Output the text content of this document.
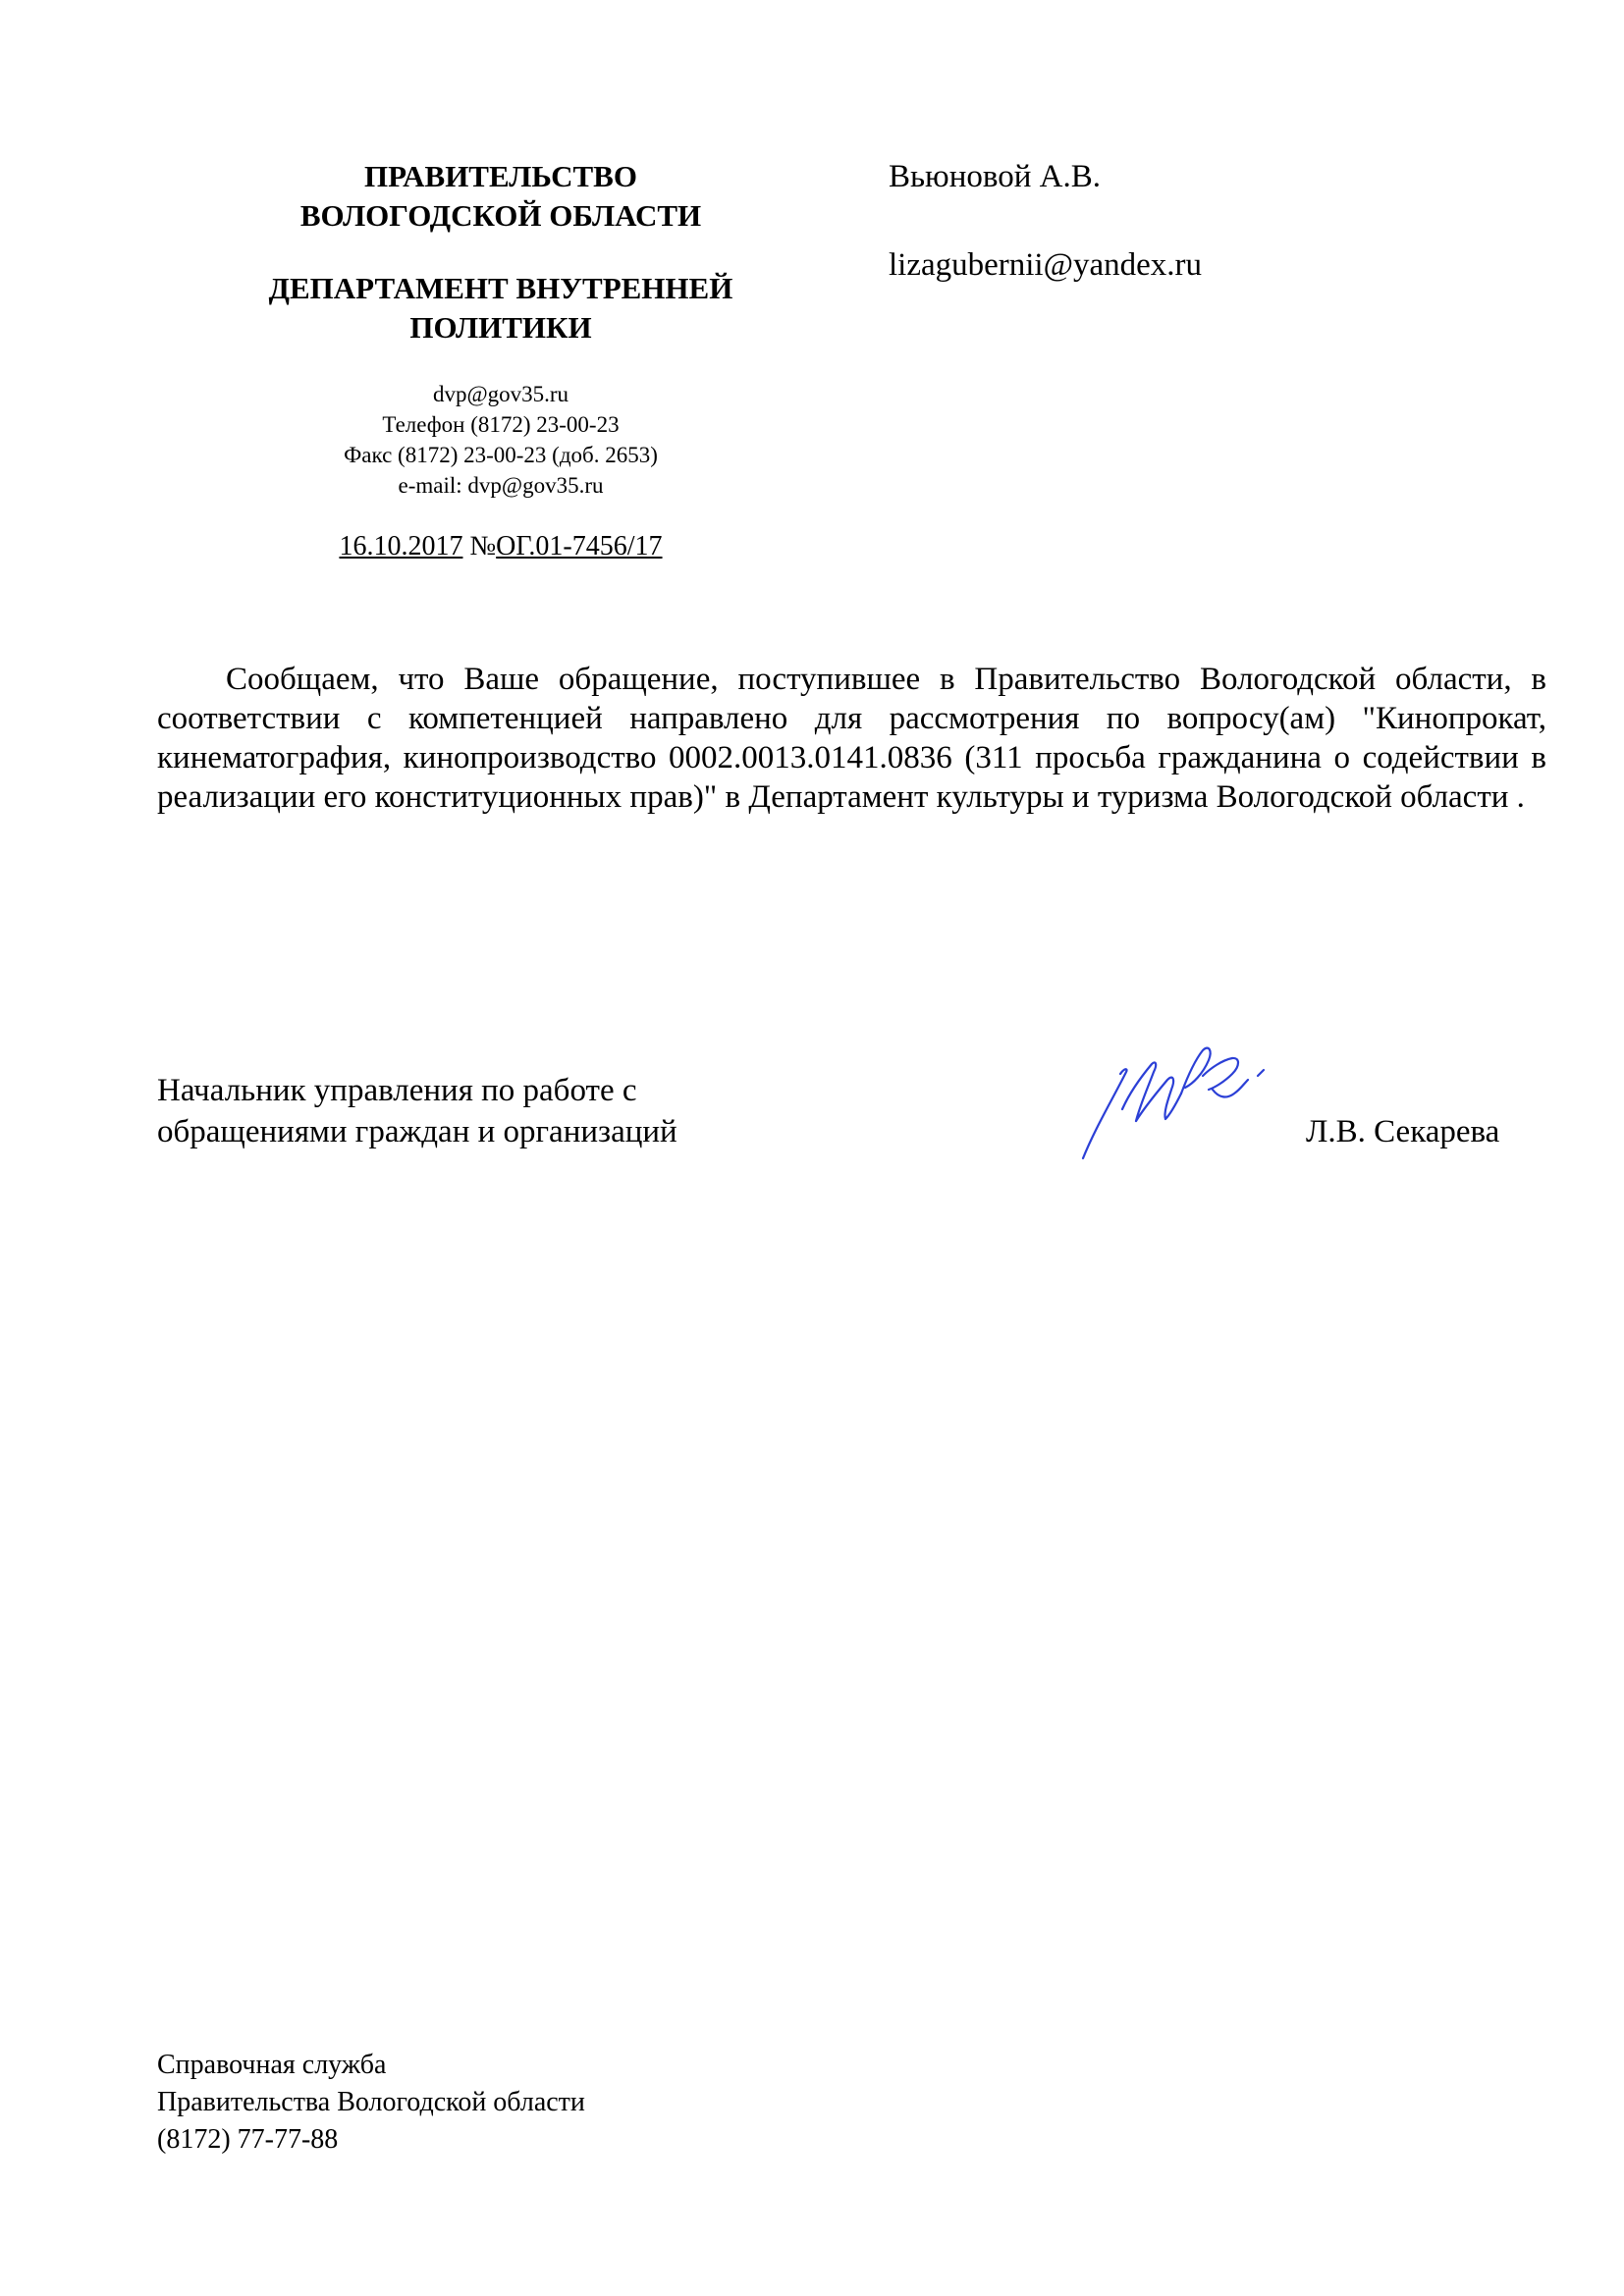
ПРАВИТЕЛЬСТВО
ВОЛОГОДСКОЙ ОБЛАСТИ
ДЕПАРТАМЕНТ ВНУТРЕННЕЙ
ПОЛИТИКИ
dvp@gov35.ru
Телефон (8172) 23-00-23
Факс (8172) 23-00-23 (доб. 2653)
e-mail: dvp@gov35.ru
16.10.2017 №ОГ.01-7456/17
Вьюновой А.В.
lizagubernii@yandex.ru
Сообщаем, что Ваше обращение, поступившее в Правительство Вологодской области, в соответствии с компетенцией направлено для рассмотрения по вопросу(ам) "Кинопрокат, кинематография, кинопроизводство 0002.0013.0141.0836 (311 просьба гражданина о содействии в реализации его конституционных прав)" в Департамент культуры и туризма Вологодской области .
Начальник управления по работе с
обращениями граждан и организаций	Л.В. Секарева
Справочная служба
Правительства Вологодской области
(8172) 77-77-88
